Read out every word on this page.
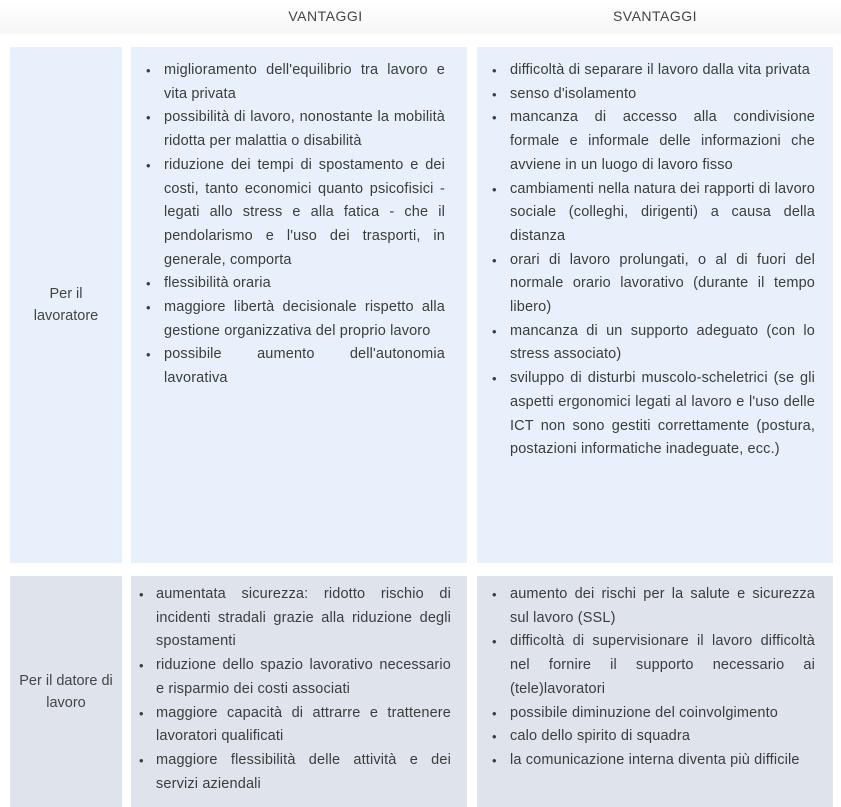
VANTAGGI	SVANTAGGI
Per il lavoratore
• miglioramento dell'equilibrio tra lavoro e vita privata
• possibilità di lavoro, nonostante la mobilità ridotta per malattia o disabilità
• riduzione dei tempi di spostamento e dei costi, tanto economici quanto psicofisici - legati allo stress e alla fatica - che il pendolarismo e l'uso dei trasporti, in generale, comporta
• flessibilità oraria
• maggiore libertà decisionale rispetto alla gestione organizzativa del proprio lavoro
• possibile aumento dell'autonomia lavorativa
• difficoltà di separare il lavoro dalla vita privata
• senso d'isolamento
• mancanza di accesso alla condivisione formale e informale delle informazioni che avviene in un luogo di lavoro fisso
• cambiamenti nella natura dei rapporti di lavoro sociale (colleghi, dirigenti) a causa della distanza
• orari di lavoro prolungati, o al di fuori del normale orario lavorativo (durante il tempo libero)
• mancanza di un supporto adeguato (con lo stress associato)
• sviluppo di disturbi muscolo-scheletrici (se gli aspetti ergonomici legati al lavoro e l'uso delle ICT non sono gestiti correttamente (postura, postazioni informatiche inadeguate, ecc.)
Per il datore di lavoro
• aumentata sicurezza: ridotto rischio di incidenti stradali grazie alla riduzione degli spostamenti
• riduzione dello spazio lavorativo necessario e risparmio dei costi associati
• maggiore capacità di attrarre e trattenere lavoratori qualificati
• maggiore flessibilità delle attività e dei servizi aziendali
• aumento dei rischi per la salute e sicurezza sul lavoro (SSL)
• difficoltà di supervisionare il lavoro difficoltà nel fornire il supporto necessario ai (tele)lavoratori
• possibile diminuzione del coinvolgimento
• calo dello spirito di squadra
• la comunicazione interna diventa più difficile
